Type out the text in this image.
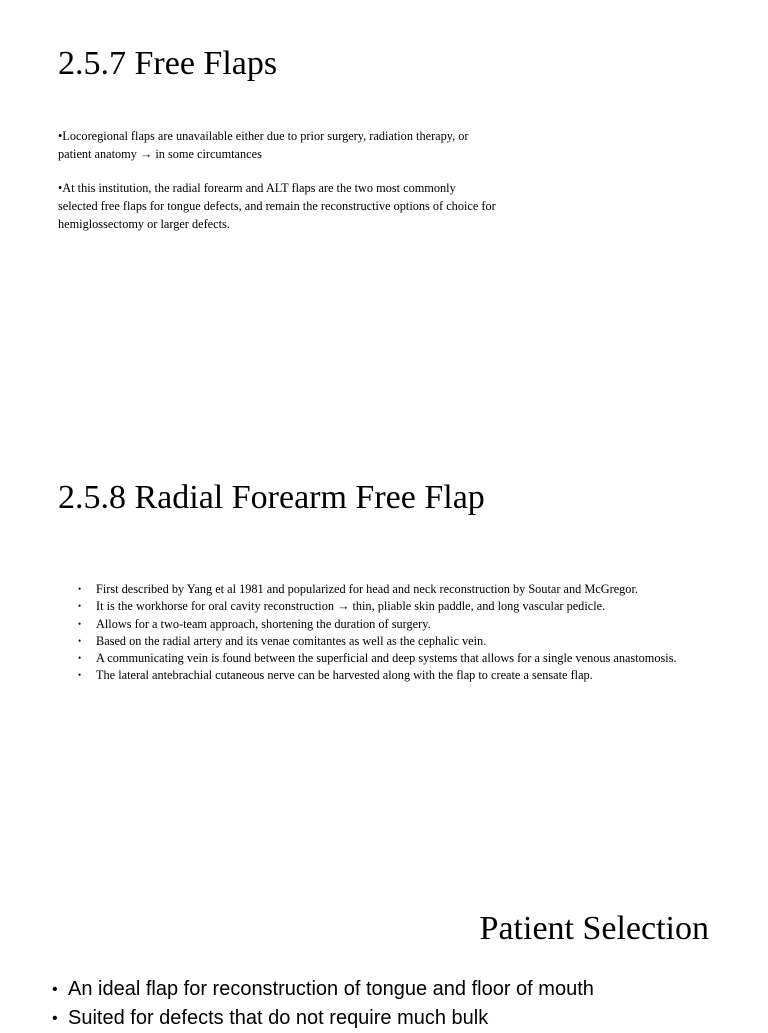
2.5.7 Free Flaps

•Locoregional flaps are unavailable either due to prior surgery, radiation therapy, or patient anatomy → in some circumtances

•At this institution, the radial forearm and ALT flaps are the two most commonly selected free flaps for tongue defects, and remain the reconstructive options of choice for hemiglossectomy or larger defects.

2.5.8 Radial Forearm Free Flap
• First described by Yang et al 1981 and popularized for head and neck reconstruction by Soutar and McGregor.
• It is the workhorse for oral cavity reconstruction → thin, pliable skin paddle, and long vascular pedicle.
• Allows for a two-team approach, shortening the duration of surgery.
• Based on the radial artery and its venae comitantes as well as the cephalic vein.
• A communicating vein is found between the superficial and deep systems that allows for a single venous anastomosis.
• The lateral antebrachial cutaneous nerve can be harvested along with the flap to create a sensate flap.
Patient Selection
• An ideal flap for reconstruction of tongue and floor of mouth
• Suited for defects that do not require much bulk
